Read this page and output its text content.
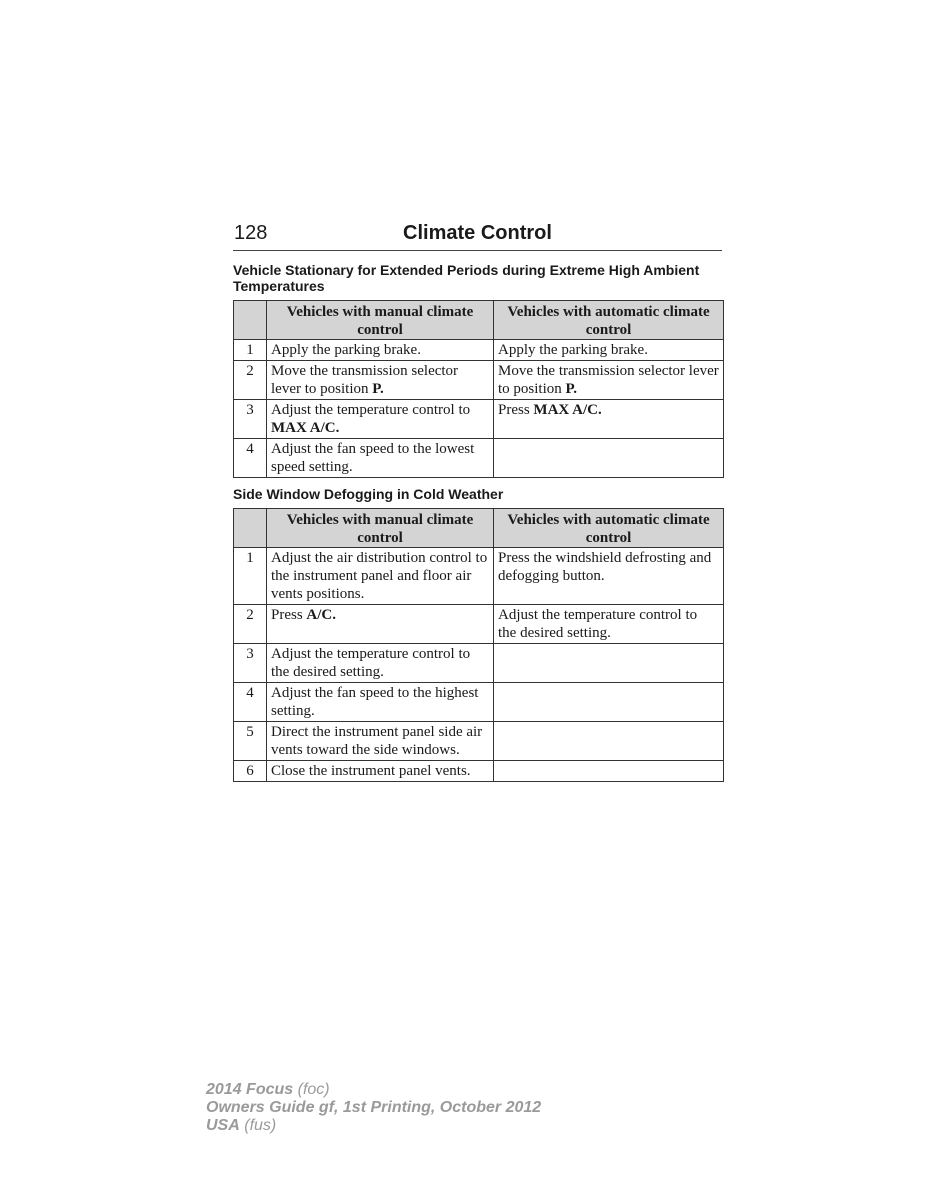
128	Climate Control
Vehicle Stationary for Extended Periods during Extreme High Ambient Temperatures
	Vehicles with manual climate control	Vehicles with automatic climate control
1	Apply the parking brake.	Apply the parking brake.
2	Move the transmission selector lever to position P.	Move the transmission selector lever to position P.
3	Adjust the temperature control to MAX A/C.	Press MAX A/C.
4	Adjust the fan speed to the lowest speed setting.	
Side Window Defogging in Cold Weather
	Vehicles with manual climate control	Vehicles with automatic climate control
1	Adjust the air distribution control to the instrument panel and floor air vents positions.	Press the windshield defrosting and defogging button.
2	Press A/C.	Adjust the temperature control to the desired setting.
3	Adjust the temperature control to the desired setting.	
4	Adjust the fan speed to the highest setting.	
5	Direct the instrument panel side air vents toward the side windows.	
6	Close the instrument panel vents.	
2014 Focus (foc)
Owners Guide gf, 1st Printing, October 2012
USA (fus)
